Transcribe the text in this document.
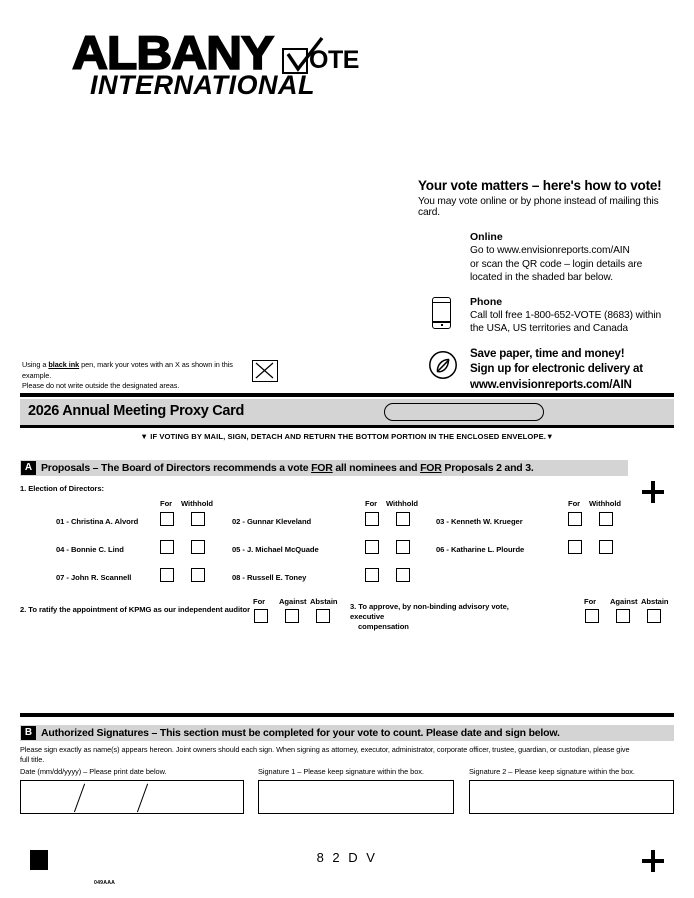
ALBANY
INTERNATIONAL
OTE
Your vote matters – here's how to vote!
You may vote online or by phone instead of mailing this card.
Online
Go to www.envisionreports.com/AIN
or scan the QR code – login details are
located in the shaded bar below.
Phone
Call toll free 1-800-652-VOTE (8683) within
the USA, US territories and Canada
Save paper, time and money!
Sign up for electronic delivery at
www.envisionreports.com/AIN
Using a black ink pen, mark your votes with an X as shown in this example.
Please do not write outside the designated areas.
2026 Annual Meeting Proxy Card
▼ IF VOTING BY MAIL, SIGN, DETACH AND RETURN THE BOTTOM PORTION IN THE ENCLOSED ENVELOPE.▼
A Proposals – The Board of Directors recommends a vote FOR all nominees and FOR Proposals 2 and 3.
1. Election of Directors:
For Withhold	For Withhold	For Withhold
01 - Christina A. Alvord	02 - Gunnar Kleveland	03 - Kenneth W. Krueger
04 - Bonnie C. Lind	05 - J. Michael McQuade	06 - Katharine L. Plourde
07 - John R. Scannell	08 - Russell E. Toney
2. To ratify the appointment of KPMG as our independent auditor
For Against Abstain
3. To approve, by non-binding advisory vote, executive
compensation
For Against Abstain
B Authorized Signatures – This section must be completed for your vote to count. Please date and sign below.
Please sign exactly as name(s) appears hereon. Joint owners should each sign. When signing as attorney, executor, administrator, corporate officer, trustee, guardian, or custodian, please give
full title.
Date (mm/dd/yyyy) – Please print date below.	Signature 1 – Please keep signature within the box.	Signature 2 – Please keep signature within the box.
8 2 D V
049AAA
